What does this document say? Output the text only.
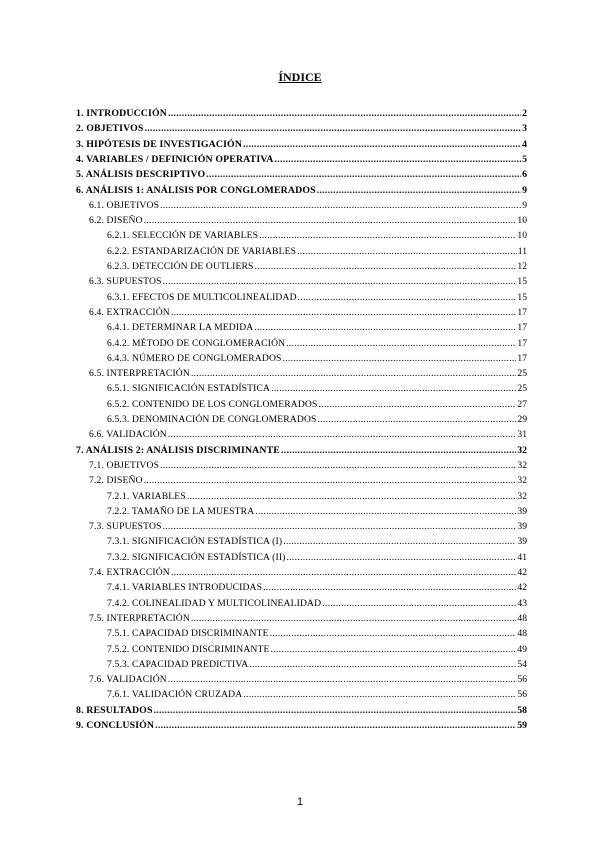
ÍNDICE
1. INTRODUCCIÓN .....	2
2. OBJETIVOS .....	3
3. HIPÓTESIS DE INVESTIGACIÓN .....	4
4. VARIABLES / DEFINICIÓN OPERATIVA .....	5
5. ANÁLISIS DESCRIPTIVO .....	6
6. ANÁLISIS 1: ANÁLISIS POR CONGLOMERADOS .....	9
6.1. OBJETIVOS .....	9
6.2. DISEÑO .....	10
6.2.1. SELECCIÓN DE VARIABLES .....	10
6.2.2. ESTANDARIZACIÓN DE VARIABLES .....	11
6.2.3. DETECCIÓN DE OUTLIERS .....	12
6.3. SUPUESTOS .....	15
6.3.1. EFECTOS DE MULTICOLINEALIDAD .....	15
6.4. EXTRACCIÓN .....	17
6.4.1. DETERMINAR LA MEDIDA .....	17
6.4.2. MÉTODO DE CONGLOMERACIÓN .....	17
6.4.3. NÚMERO DE CONGLOMERADOS .....	17
6.5. INTERPRETACIÓN .....	25
6.5.1. SIGNIFICACIÓN ESTADÍSTICA .....	25
6.5.2. CONTENIDO DE LOS CONGLOMERADOS .....	27
6.5.3. DENOMINACIÓN DE CONGLOMERADOS .....	29
6.6. VALIDACIÓN .....	31
7. ANÁLISIS 2: ANÁLISIS DISCRIMINANTE .....	32
7.1. OBJETIVOS .....	32
7.2. DISEÑO .....	32
7.2.1. VARIABLES .....	32
7.2.2. TAMAÑO DE LA MUESTRA .....	39
7.3. SUPUESTOS .....	39
7.3.1. SIGNIFICACIÓN ESTADÍSTICA (I) .....	39
7.3.2. SIGNIFICACIÓN ESTADÍSTICA (II) .....	41
7.4. EXTRACCIÓN .....	42
7.4.1. VARIABLES INTRODUCIDAS .....	42
7.4.2. COLINEALIDAD Y MULTICOLINEALIDAD .....	43
7.5. INTERPRETACIÓN .....	48
7.5.1. CAPACIDAD DISCRIMINANTE .....	48
7.5.2. CONTENIDO DISCRIMINANTE .....	49
7.5.3. CAPACIDAD PREDICTIVA .....	54
7.6. VALIDACIÓN .....	56
7.6.1. VALIDACIÓN CRUZADA .....	56
8. RESULTADOS .....	58
9. CONCLUSIÓN .....	59
1
